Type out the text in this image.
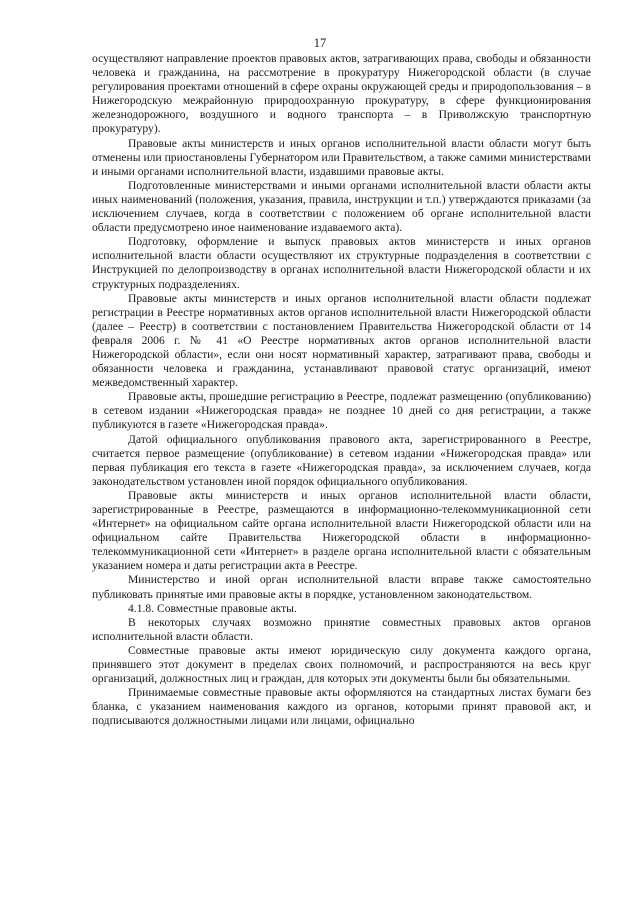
17

осуществляют направление проектов правовых актов, затрагивающих права, свободы и обязанности человека и гражданина, на рассмотрение в прокуратуру Нижегородской области (в случае регулирования проектами отношений в сфере охраны окружающей среды и природопользования – в Нижегородскую межрайонную природоохранную прокуратуру, в сфере функционирования железнодорожного, воздушного и водного транспорта – в Приволжскую транспортную прокуратуру).

Правовые акты министерств и иных органов исполнительной власти области могут быть отменены или приостановлены Губернатором или Правительством, а также самими министерствами и иными органами исполнительной власти, издавшими правовые акты.

Подготовленные министерствами и иными органами исполнительной власти области акты иных наименований (положения, указания, правила, инструкции и т.п.) утверждаются приказами (за исключением случаев, когда в соответствии с положением об органе исполнительной власти области предусмотрено иное наименование издаваемого акта).

Подготовку, оформление и выпуск правовых актов министерств и иных органов исполнительной власти области осуществляют их структурные подразделения в соответствии с Инструкцией по делопроизводству в органах исполнительной власти Нижегородской области и их структурных подразделениях.

Правовые акты министерств и иных органов исполнительной власти области подлежат регистрации в Реестре нормативных актов органов исполнительной власти Нижегородской области (далее – Реестр) в соответствии с постановлением Правительства Нижегородской области от 14 февраля 2006 г. № 41 «О Реестре нормативных актов органов исполнительной власти Нижегородской области», если они носят нормативный характер, затрагивают права, свободы и обязанности человека и гражданина, устанавливают правовой статус организаций, имеют межведомственный характер.

Правовые акты, прошедшие регистрацию в Реестре, подлежат размещению (опубликованию) в сетевом издании «Нижегородская правда» не позднее 10 дней со дня регистрации, а также публикуются в газете «Нижегородская правда».

Датой официального опубликования правового акта, зарегистрированного в Реестре, считается первое размещение (опубликование) в сетевом издании «Нижегородская правда» или первая публикация его текста в газете «Нижегородская правда», за исключением случаев, когда законодательством установлен иной порядок официального опубликования.

Правовые акты министерств и иных органов исполнительной власти области, зарегистрированные в Реестре, размещаются в информационно-телекоммуникационной сети «Интернет» на официальном сайте органа исполнительной власти Нижегородской области или на официальном сайте Правительства Нижегородской области в информационно-телекоммуникационной сети «Интернет» в разделе органа исполнительной власти с обязательным указанием номера и даты регистрации акта в Реестре.

Министерство и иной орган исполнительной власти вправе также самостоятельно публиковать принятые ими правовые акты в порядке, установленном законодательством.

4.1.8. Совместные правовые акты.

В некоторых случаях возможно принятие совместных правовых актов органов исполнительной власти области.

Совместные правовые акты имеют юридическую силу документа каждого органа, принявшего этот документ в пределах своих полномочий, и распространяются на весь круг организаций, должностных лиц и граждан, для которых эти документы были бы обязательными.

Принимаемые совместные правовые акты оформляются на стандартных листах бумаги без бланка, с указанием наименования каждого из органов, которыми принят правовой акт, и подписываются должностными лицами или лицами, официально
